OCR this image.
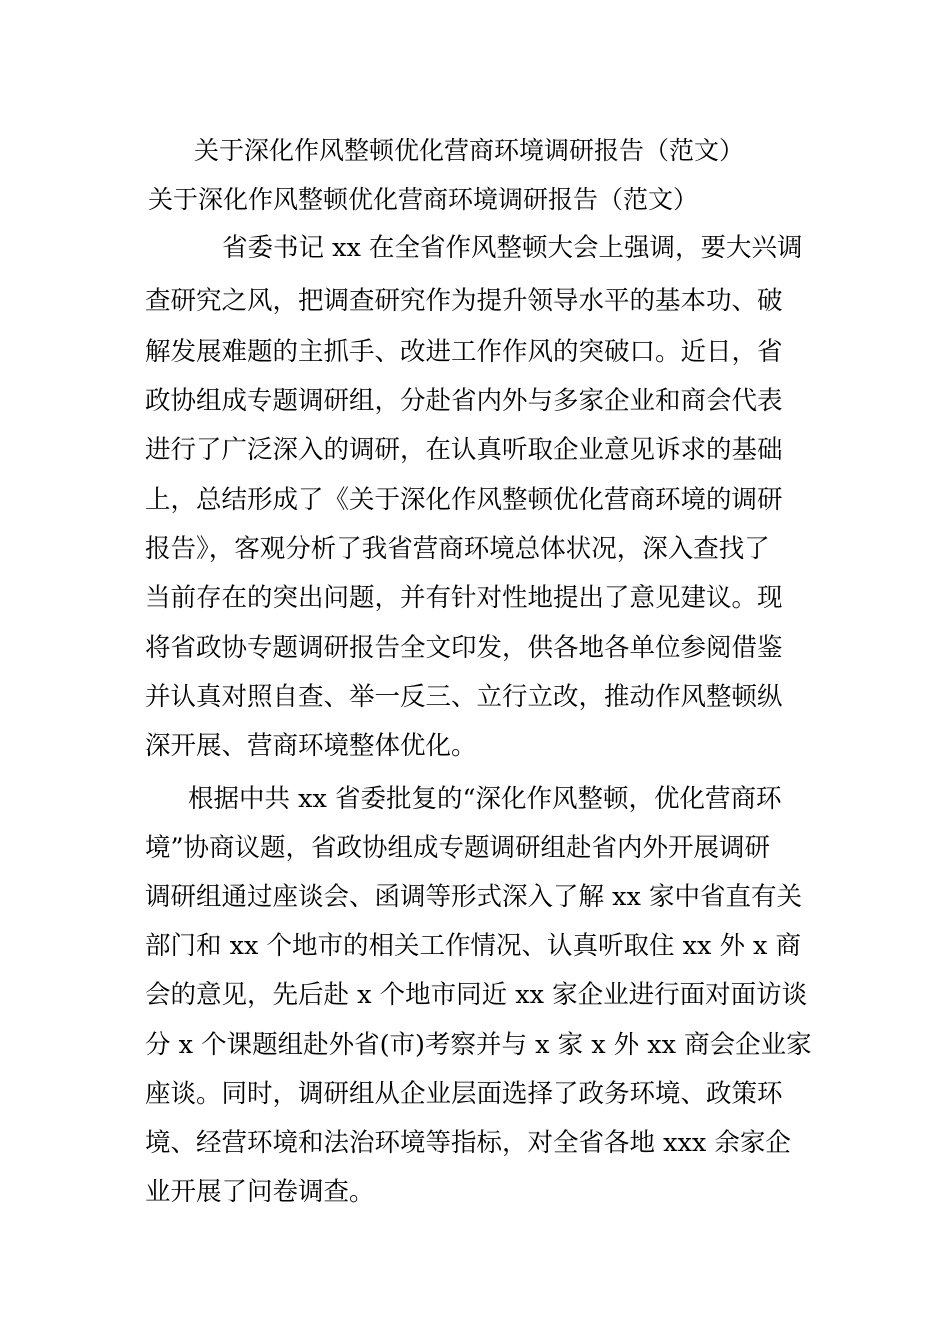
关于深化作风整顿优化营商环境调研报告（范文）
关于深化作风整顿优化营商环境调研报告（范文）
省委书记 xx 在全省作风整顿大会上强调，要大兴调
查研究之风，把调查研究作为提升领导水平的基本功、破
解发展难题的主抓手、改进工作作风的突破口。近日，省
政协组成专题调研组，分赴省内外与多家企业和商会代表
进行了广泛深入的调研，在认真听取企业意见诉求的基础
上，总结形成了《关于深化作风整顿优化营商环境的调研
报告》，客观分析了我省营商环境总体状况，深入查找了
当前存在的突出问题，并有针对性地提出了意见建议。现
将省政协专题调研报告全文印发，供各地各单位参阅借鉴
并认真对照自查、举一反三、立行立改，推动作风整顿纵
深开展、营商环境整体优化。
根据中共 xx 省委批复的“深化作风整顿，优化营商环
境”协商议题，省政协组成专题调研组赴省内外开展调研
调研组通过座谈会、函调等形式深入了解 xx 家中省直有关
部门和 xx 个地市的相关工作情况、认真听取住 xx 外 x 商
会的意见，先后赴 x 个地市同近 xx 家企业进行面对面访谈
分 x 个课题组赴外省(市)考察并与 x 家 x 外 xx 商会企业家
座谈。同时，调研组从企业层面选择了政务环境、政策环
境、经营环境和法治环境等指标，对全省各地 xxx 余家企
业开展了问卷调查。
